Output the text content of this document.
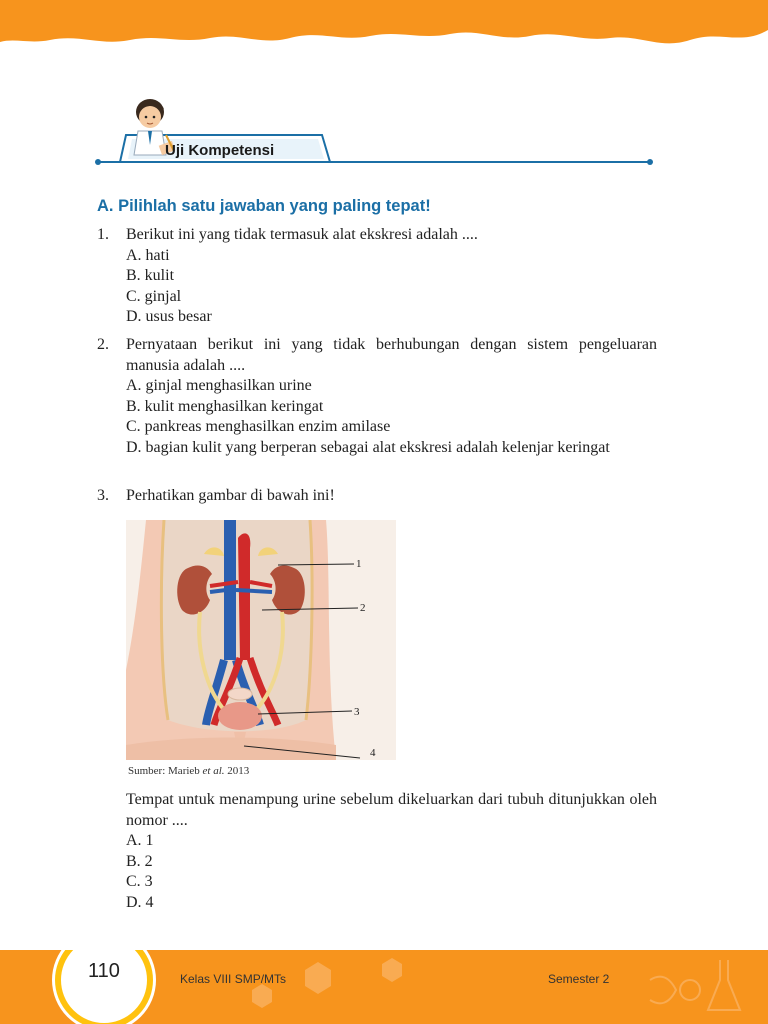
Uji Kompetensi
A. Pilihlah satu jawaban yang paling tepat!
1.	Berikut ini yang tidak termasuk alat ekskresi adalah ....
A. hati
B. kulit
C. ginjal
D. usus besar
2.	Pernyataan berikut ini yang tidak berhubungan dengan sistem pengeluaran manusia adalah ....
A. ginjal menghasilkan urine
B. kulit menghasilkan keringat
C. pankreas menghasilkan enzim amilase
D. bagian kulit yang berperan sebagai alat ekskresi adalah kelenjar keringat
3.	Perhatikan gambar di bawah ini!
1
2
3
4
Sumber: Marieb et al. 2013
Tempat untuk menampung urine sebelum dikeluarkan dari tubuh ditunjukkan oleh nomor ....
A. 1
B. 2
C. 3
D. 4
110	Kelas VIII SMP/MTs	Semester 2
